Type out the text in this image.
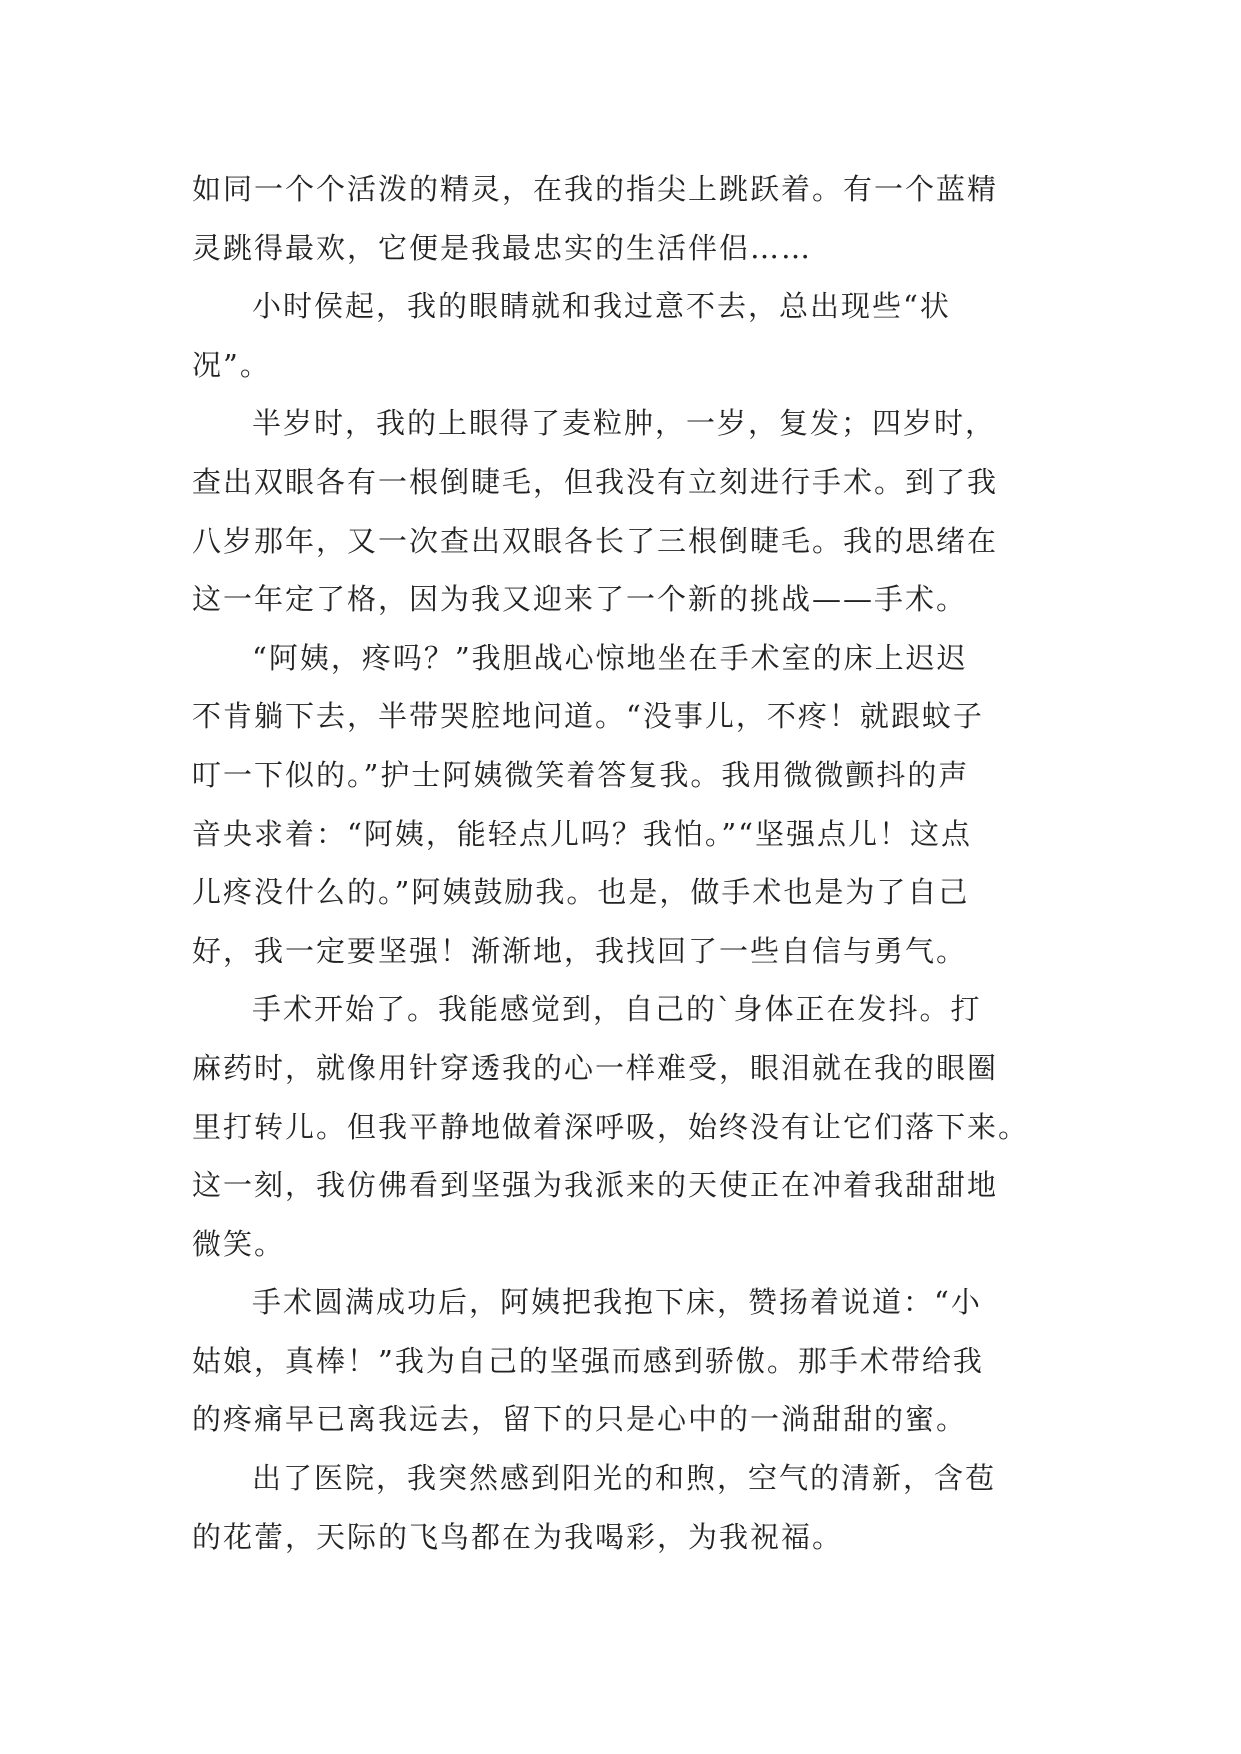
如同一个个活泼的精灵，在我的指尖上跳跃着。有一个蓝精
灵跳得最欢，它便是我最忠实的生活伴侣……
小时侯起，我的眼睛就和我过意不去，总出现些“状
况”。
半岁时，我的上眼得了麦粒肿，一岁，复发；四岁时，
查出双眼各有一根倒睫毛，但我没有立刻进行手术。到了我
八岁那年，又一次查出双眼各长了三根倒睫毛。我的思绪在
这一年定了格，因为我又迎来了一个新的挑战——手术。
“阿姨，疼吗？”我胆战心惊地坐在手术室的床上迟迟
不肯躺下去，半带哭腔地问道。“没事儿，不疼！就跟蚊子
叮一下似的。”护士阿姨微笑着答复我。我用微微颤抖的声
音央求着：“阿姨，能轻点儿吗？我怕。”“坚强点儿！这点
儿疼没什么的。”阿姨鼓励我。也是，做手术也是为了自己
好，我一定要坚强！渐渐地，我找回了一些自信与勇气。
手术开始了。我能感觉到，自己的`身体正在发抖。打
麻药时，就像用针穿透我的心一样难受，眼泪就在我的眼圈
里打转儿。但我平静地做着深呼吸，始终没有让它们落下来。
这一刻，我仿佛看到坚强为我派来的天使正在冲着我甜甜地
微笑。
手术圆满成功后，阿姨把我抱下床，赞扬着说道：“小
姑娘，真棒！”我为自己的坚强而感到骄傲。那手术带给我
的疼痛早已离我远去，留下的只是心中的一淌甜甜的蜜。
出了医院，我突然感到阳光的和煦，空气的清新，含苞
的花蕾，天际的飞鸟都在为我喝彩，为我祝福。
